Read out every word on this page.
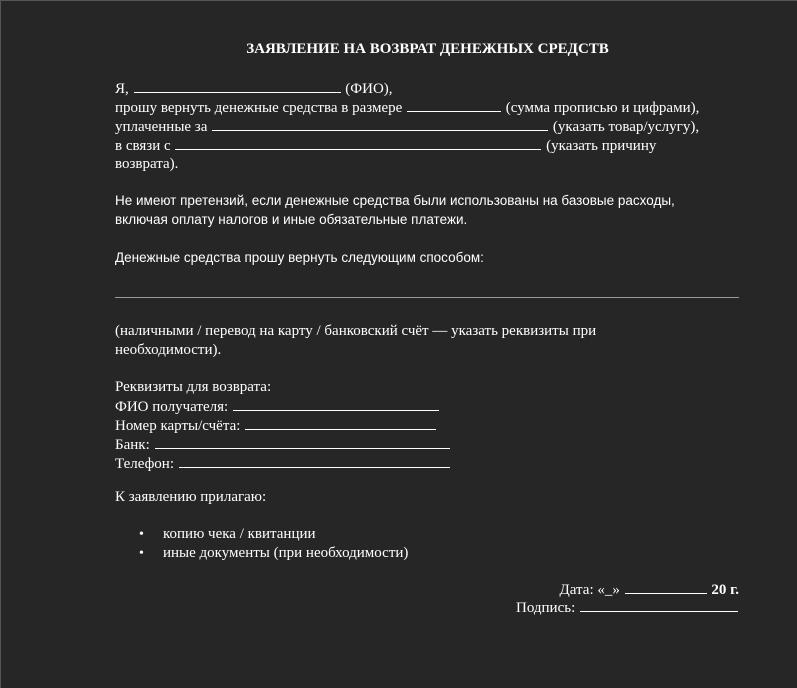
ЗАЯВЛЕНИЕ НА ВОЗВРАТ ДЕНЕЖНЫХ СРЕДСТВ
Я,	(ФИО),
прошу вернуть денежные средства в размере	(сумма прописью и цифрами),
уплаченные за	(указать товар/услугу),
в связи с	(указать причину
возврата).
Не имеют претензий, если денежные средства были использованы на базовые расходы,
включая оплату налогов и иные обязательные платежи.
Денежные средства прошу вернуть следующим способом:
(наличными / перевод на карту / банковский счёт — указать реквизиты при
необходимости).
Реквизиты для возврата:
ФИО получателя:
Номер карты/счёта:
Банк:
Телефон:
К заявлению прилагаю:
• копию чека / квитанции
• иные документы (при необходимости)
Дата: «_»	20 г.
Подпись:
